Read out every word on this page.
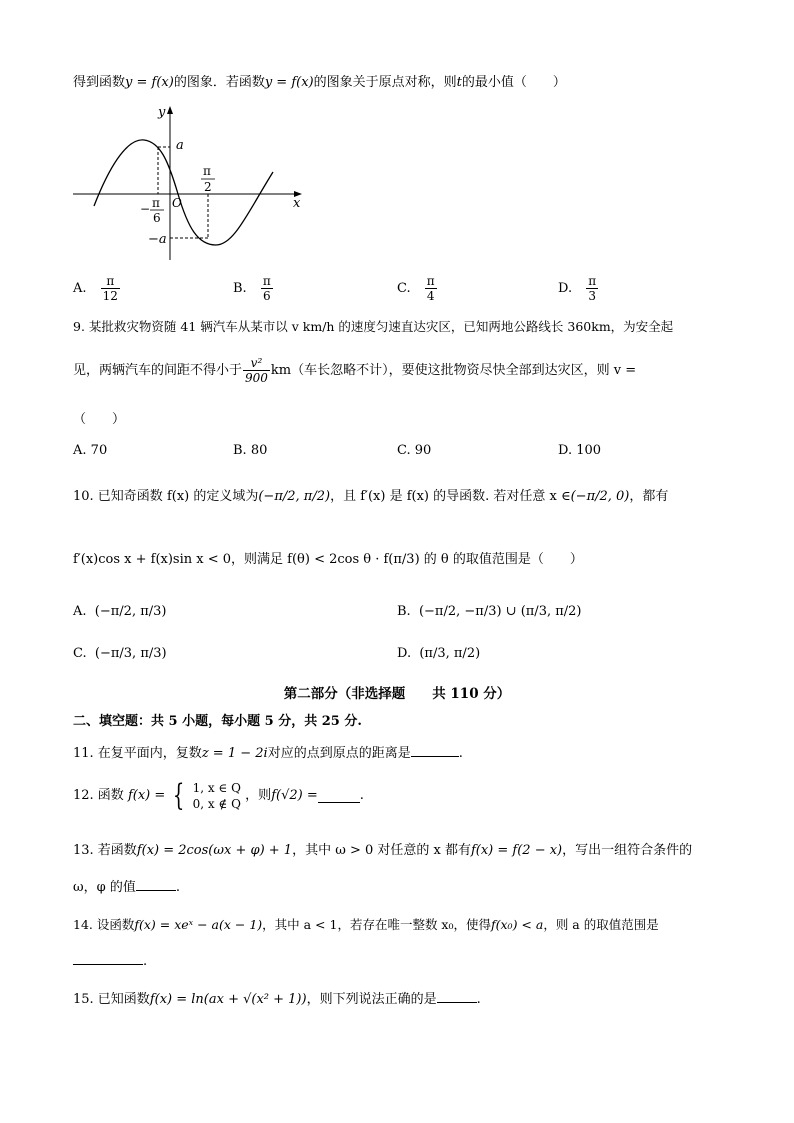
得到函数y = f(x)的图象．若函数y = f(x)的图象关于原点对称，则t的最小值（　　）
y
x
O
a
−a
π
2
− π
6
A. $\frac{\pi}{12}$	B. $\frac{\pi}{6}$	C. $\frac{\pi}{4}$	D. $\frac{\pi}{3}$
9. 某批救灾物资随 41 辆汽车从某市以 v km/h 的速度匀速直达灾区，已知两地公路线长 360km，为安全起
见，两辆汽车的间距不得小于 $\frac{\text{v²}}{900} km$（车长忽略不计），要使这批物资尽快全部到达灾区，则 v =
（　　）
A. 70	B. 80	C. 90	D. 100
10. 已知奇函数 f(x) 的定义域为(−π/2, π/2)，且 f′(x) 是 f(x) 的导函数. 若对任意 x ∈(−π/2, 0)，都有
f′(x)cos x + f(x)sin x < 0，则满足 f(θ) < 2cos θ · f(π/3) 的 θ 的取值范围是（　　）
A. (−π/2, π/3)	B. (−π/2, −π/3) ∪ (π/3, π/2)
C. (−π/3, π/3)	D. (π/3, π/2)
第二部分（非选择题　　共 110 分）
二、填空题：共 5 小题，每小题 5 分，共 25 分.
11. 在复平面内，复数z = 1 − 2i对应的点到原点的距离是	.
12. 函数 f(x) = { 1, x ∈ Q
0, x ∉ Q
，则f(√2) =	.
13. 若函数f(x) = 2cos(ωx + φ) + 1，其中 ω > 0 对任意的 x 都有f(x) = f(2 − x)，写出一组符合条件的
ω，φ 的值	.
14. 设函数f(x) = xeˣ − a(x − 1)，其中 a < 1，若存在唯一整数 x₀，使得f(x₀) < a，则 a 的取值范围是
.
15. 已知函数f(x) = ln(ax + √(x² + 1))，则下列说法正确的是	.
